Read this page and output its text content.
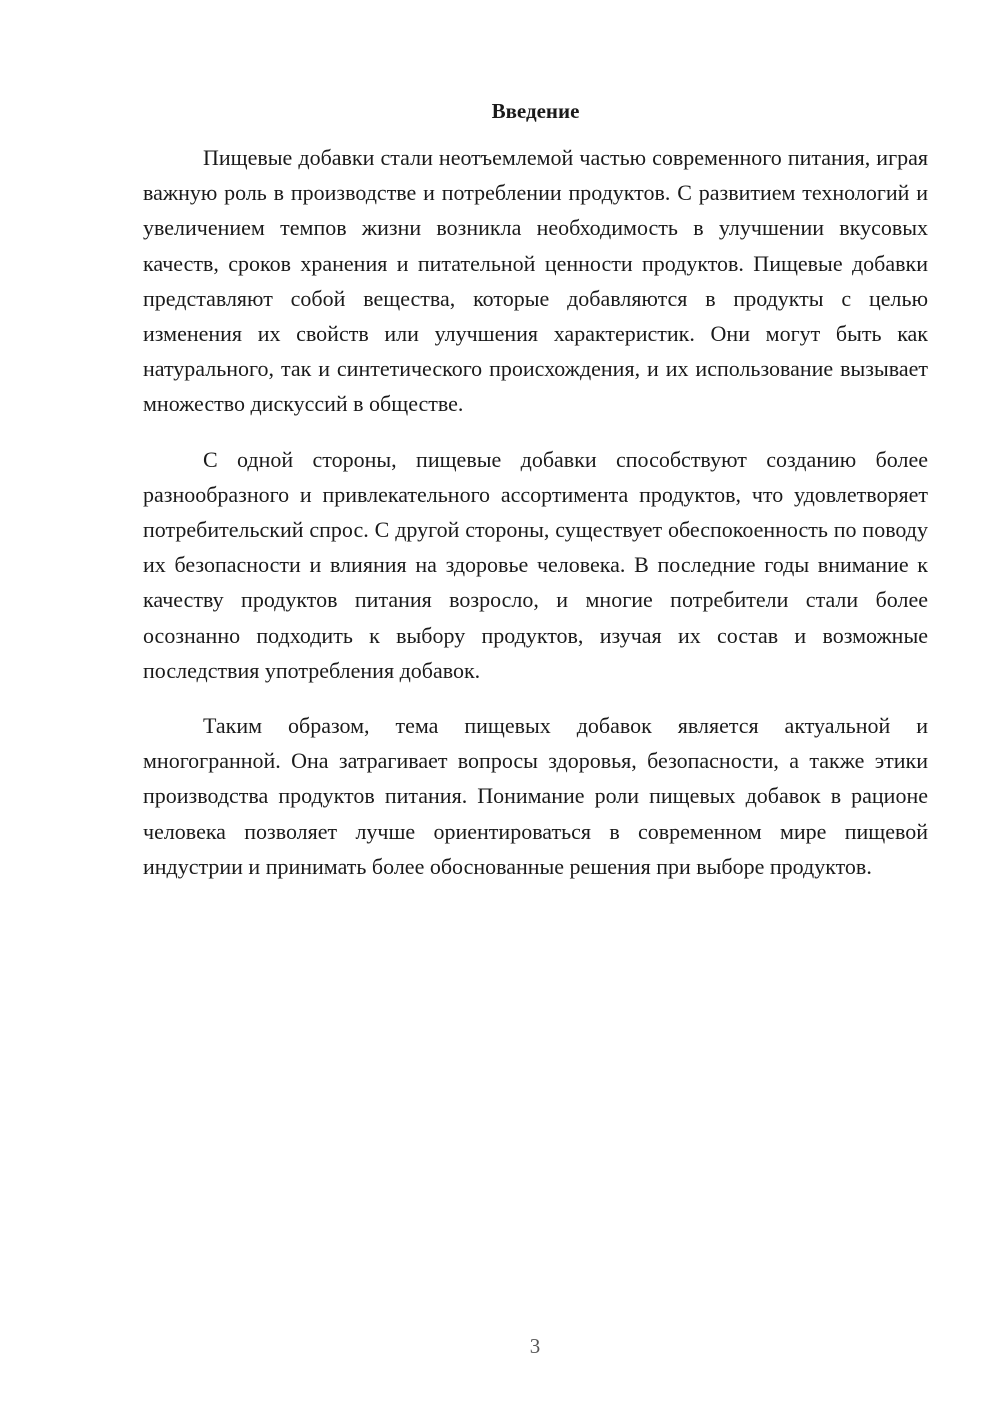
Введение

Пищевые добавки стали неотъемлемой частью современного питания, играя важную роль в производстве и потреблении продуктов. С развитием технологий и увеличением темпов жизни возникла необходимость в улучшении вкусовых качеств, сроков хранения и питательной ценности продуктов. Пищевые добавки представляют собой вещества, которые добавляются в продукты с целью изменения их свойств или улучшения характеристик. Они могут быть как натурального, так и синтетического происхождения, и их использование вызывает множество дискуссий в обществе.

С одной стороны, пищевые добавки способствуют созданию более разнообразного и привлекательного ассортимента продуктов, что удовлетворяет потребительский спрос. С другой стороны, существует обеспокоенность по поводу их безопасности и влияния на здоровье человека. В последние годы внимание к качеству продуктов питания возросло, и многие потребители стали более осознанно подходить к выбору продуктов, изучая их состав и возможные последствия употребления добавок.

Таким образом, тема пищевых добавок является актуальной и многогранной. Она затрагивает вопросы здоровья, безопасности, а также этики производства продуктов питания. Понимание роли пищевых добавок в рационе человека позволяет лучше ориентироваться в современном мире пищевой индустрии и принимать более обоснованные решения при выборе продуктов.

3
